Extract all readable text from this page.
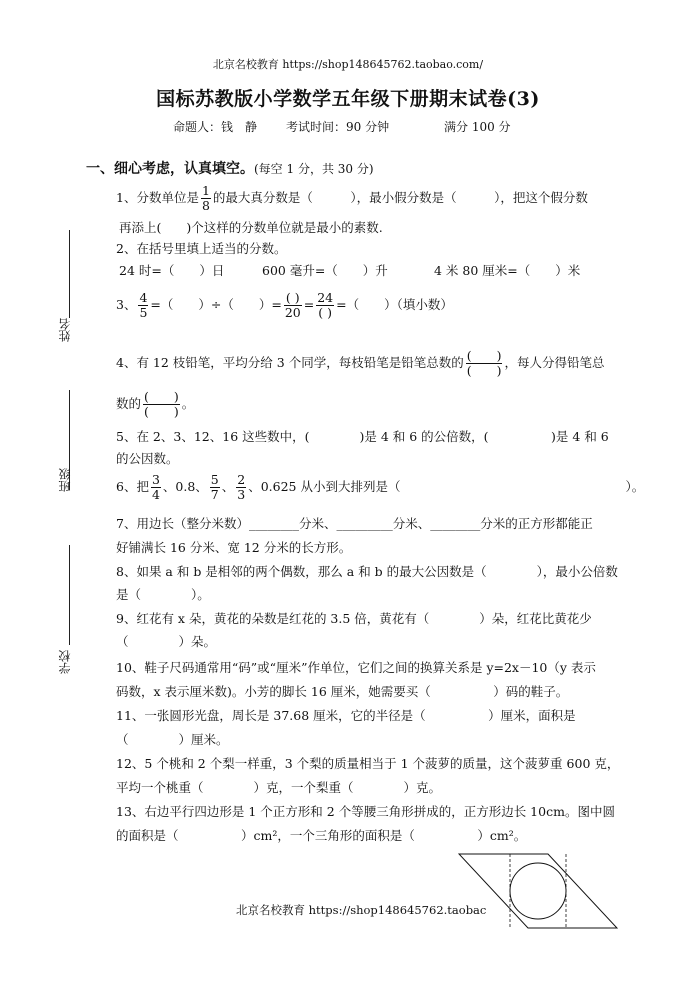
北京名校教育 https://shop148645762.taobao.com/
国标苏教版小学数学五年级下册期末试卷(3)
命题人：钱　静 考试时间：90 分钟	满分 100 分
姓名
班级
学校
一、细心考虑，认真填空。(每空 1 分，共 30 分)
1、分数单位是 $\frac{1}{8}$ 的最大真分数是（　　　），最小假分数是（　　　），把这个假分数
再添上(　　)个这样的分数单位就是最小的素数.
2、在括号里填上适当的分数。
24 时=（　　）日	600 毫升=（　　）升	4 米 80 厘米=（　　）米
3、 $\frac{4}{5}$ =（　　）÷（　　）= $\frac{( )}{20} = \frac{24}{( )}$ =（　　）（填小数）
4、有 12 枝铅笔，平均分给 3 个同学，每枝铅笔是铅笔总数的 $\frac{( )}{( )}$ ，每人分得铅笔总
数的 $\frac{( )}{( )}$ 。
5、在 2、3、12、16 这些数中，(　　　　)是 4 和 6 的公倍数，(　　　　　)是 4 和 6
的公因数。
6、把 $\frac{3}{4}$ 、0.8、 $\frac{5}{7}$ 、 $\frac{2}{3}$ 、0.625 从小到大排列是（　　　　　　　　　　　　　　　　　　）。
7、用边长（整分米数）________分米、_________分米、________分米的正方形都能正
好铺满长 16 分米、宽 12 分米的长方形。
8、如果 a 和 b 是相邻的两个偶数，那么 a 和 b 的最大公因数是（　　　　），最小公倍数
是（　　　　）。
9、红花有 x 朵，黄花的朵数是红花的 3.5 倍，黄花有（　　　　）朵，红花比黄花少
（　　　　）朵。
10、鞋子尺码通常用“码”或“厘米”作单位，它们之间的换算关系是 y=2x－10（y 表示
码数，x 表示厘米数)。小芳的脚长 16 厘米，她需要买（　　　　　）码的鞋子。
11、一张圆形光盘，周长是 37.68 厘米，它的半径是（　　　　　）厘米，面积是
（　　　　）厘米。
12、5 个桃和 2 个梨一样重，3 个梨的质量相当于 1 个菠萝的质量，这个菠萝重 600 克，
平均一个桃重（　　　　）克，一个梨重（　　　　）克。
13、右边平行四边形是 1 个正方形和 2 个等腰三角形拼成的，正方形边长 10cm。图中圆
的面积是（　　　　　）cm²，一个三角形的面积是（　　　　　）cm²。
北京名校教育 https://shop148645762.taobac
